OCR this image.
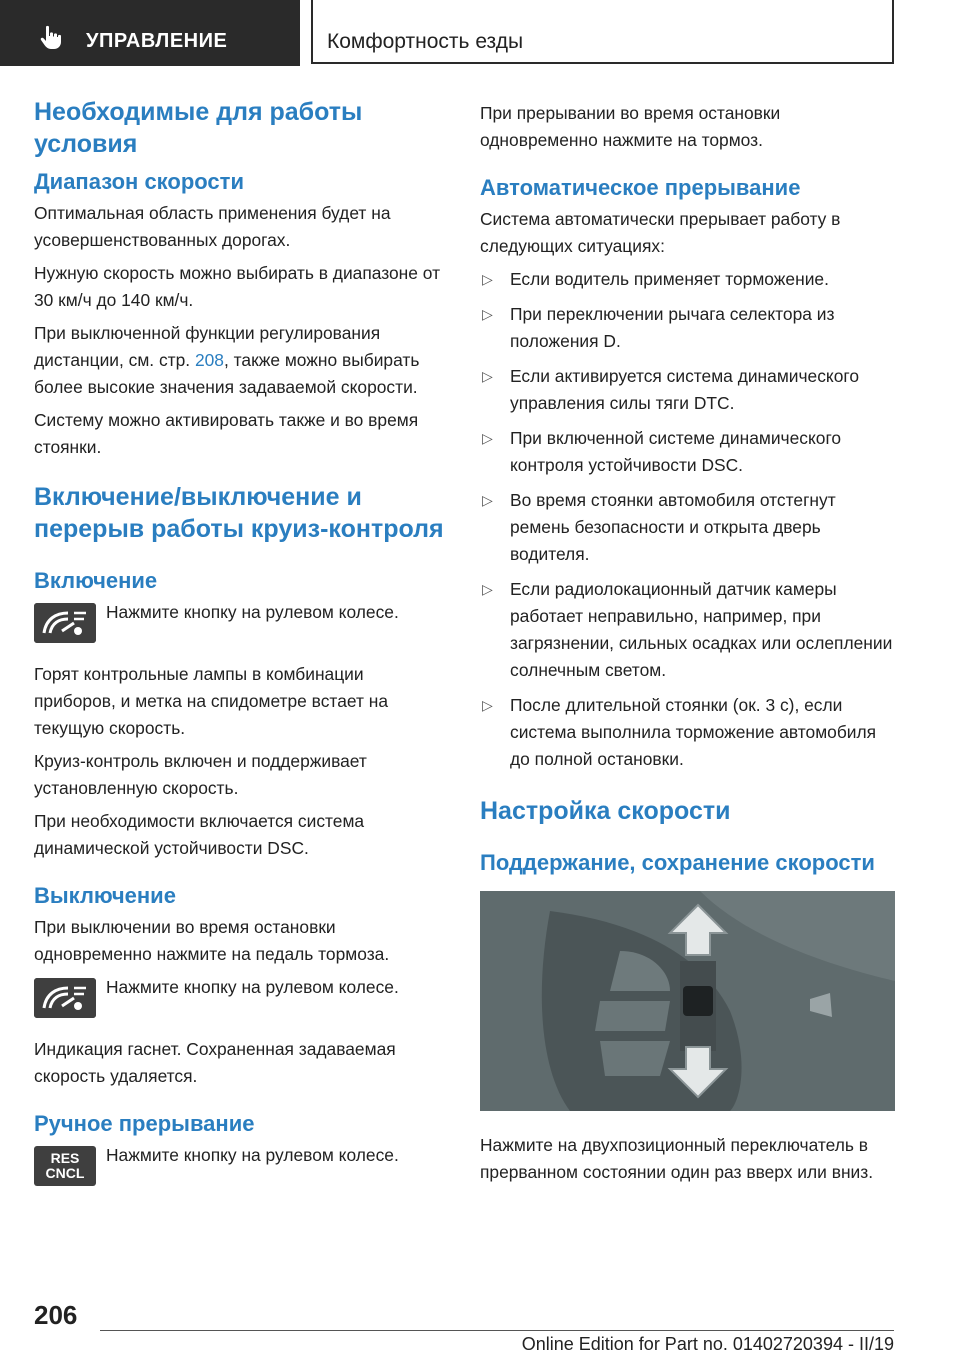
УПРАВЛЕНИЕ	Комфортность езды
Необходимые для работы условия
Диапазон скорости

Оптимальная область применения будет на усовершенствованных дорогах.

Нужную скорость можно выбирать в диапазоне от 30 км/ч до 140 км/ч.

При выключенной функции регулирования дистанции, см. стр. 208, также можно выбирать более высокие значения задаваемой скорости.

Систему можно активировать также и во время стоянки.

Включение/выключение и перерыв работы круиз-контроля
Включение

Нажмите кнопку на рулевом колесе.

Горят контрольные лампы в комбинации приборов, и метка на спидометре встает на текущую скорость.

Круиз-контроль включен и поддерживает установленную скорость.

При необходимости включается система динамической устойчивости DSC.

Выключение

При выключении во время остановки одновременно нажмите на педаль тормоза.

Нажмите кнопку на рулевом колесе.

Индикация гаснет. Сохраненная задаваемая скорость удаляется.

Ручное прерывание
RES
CNCL

Нажмите кнопку на рулевом колесе.

При прерывании во время остановки одновременно нажмите на тормоз.

Автоматическое прерывание

Система автоматически прерывает работу в следующих ситуациях:

▷ Если водитель применяет торможение.
▷ При переключении рычага селектора из положения D.
▷ Если активируется система динамического управления силы тяги DTC.
▷ При включенной системе динамического контроля устойчивости DSC.
▷ Во время стоянки автомобиля отстегнут ремень безопасности и открыта дверь водителя.
▷ Если радиолокационный датчик камеры работает неправильно, например, при загрязнении, сильных осадках или ослеплении солнечным светом.
▷ После длительной стоянки (ок. 3 с), если система выполнила торможение автомобиля до полной остановки.
Настройка скорости
Поддержание, сохранение скорости

Нажмите на двухпозиционный переключатель в прерванном состоянии один раз вверх или вниз.

206
Online Edition for Part no. 01402720394 - II/19
